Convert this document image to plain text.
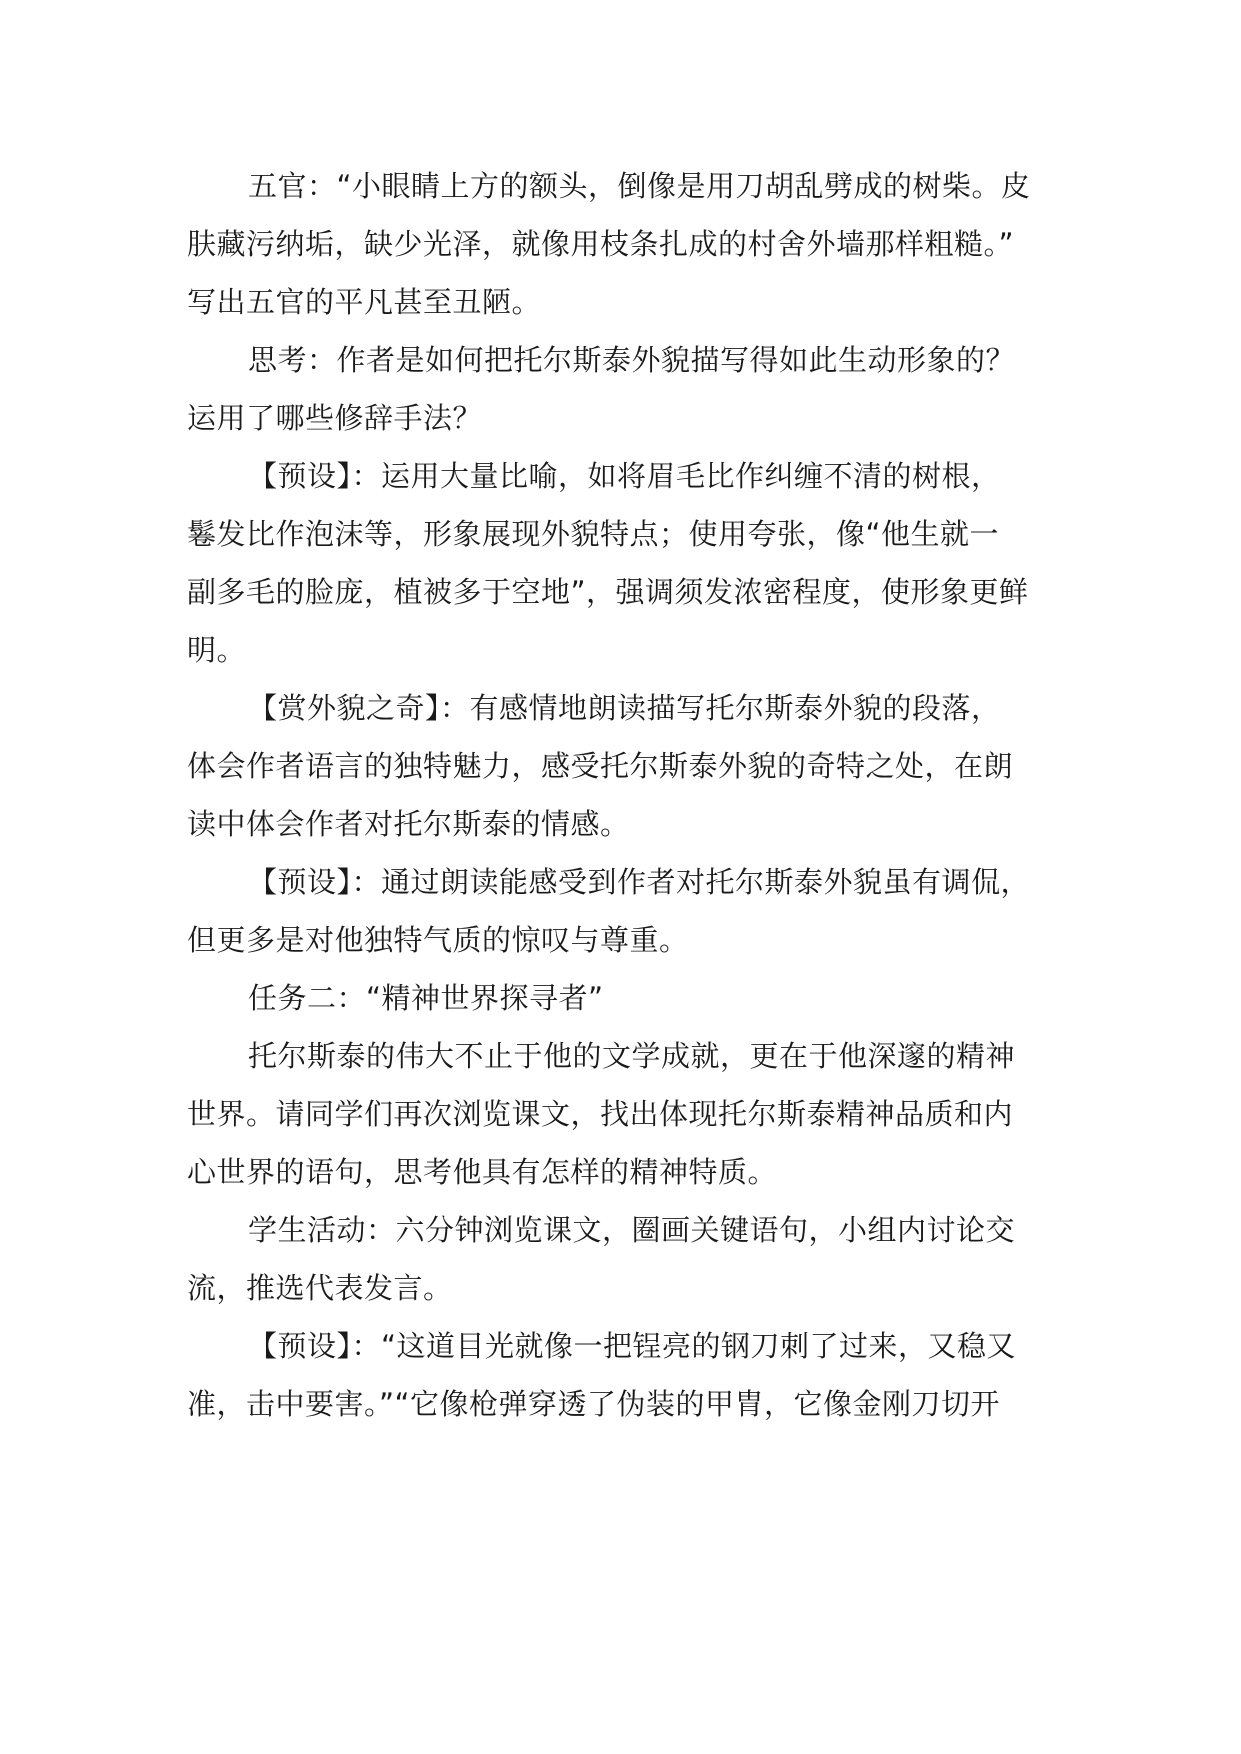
五官：“小眼睛上方的额头，倒像是用刀胡乱劈成的树柴。皮
肤藏污纳垢，缺少光泽，就像用枝条扎成的村舍外墙那样粗糙。”
写出五官的平凡甚至丑陋。
思考：作者是如何把托尔斯泰外貌描写得如此生动形象的？
运用了哪些修辞手法？
【预设】：运用大量比喻，如将眉毛比作纠缠不清的树根，
鬈发比作泡沫等，形象展现外貌特点；使用夸张，像“他生就一
副多毛的脸庞，植被多于空地”，强调须发浓密程度，使形象更鲜
明。
【赏外貌之奇】：有感情地朗读描写托尔斯泰外貌的段落，
体会作者语言的独特魅力，感受托尔斯泰外貌的奇特之处，在朗
读中体会作者对托尔斯泰的情感。
【预设】：通过朗读能感受到作者对托尔斯泰外貌虽有调侃，
但更多是对他独特气质的惊叹与尊重。
任务二：“精神世界探寻者”
托尔斯泰的伟大不止于他的文学成就，更在于他深邃的精神
世界。请同学们再次浏览课文，找出体现托尔斯泰精神品质和内
心世界的语句，思考他具有怎样的精神特质。
学生活动：六分钟浏览课文，圈画关键语句，小组内讨论交
流，推选代表发言。
【预设】：“这道目光就像一把锃亮的钢刀刺了过来，又稳又
准，击中要害。”“它像枪弹穿透了伪装的甲胄，它像金刚刀切开
